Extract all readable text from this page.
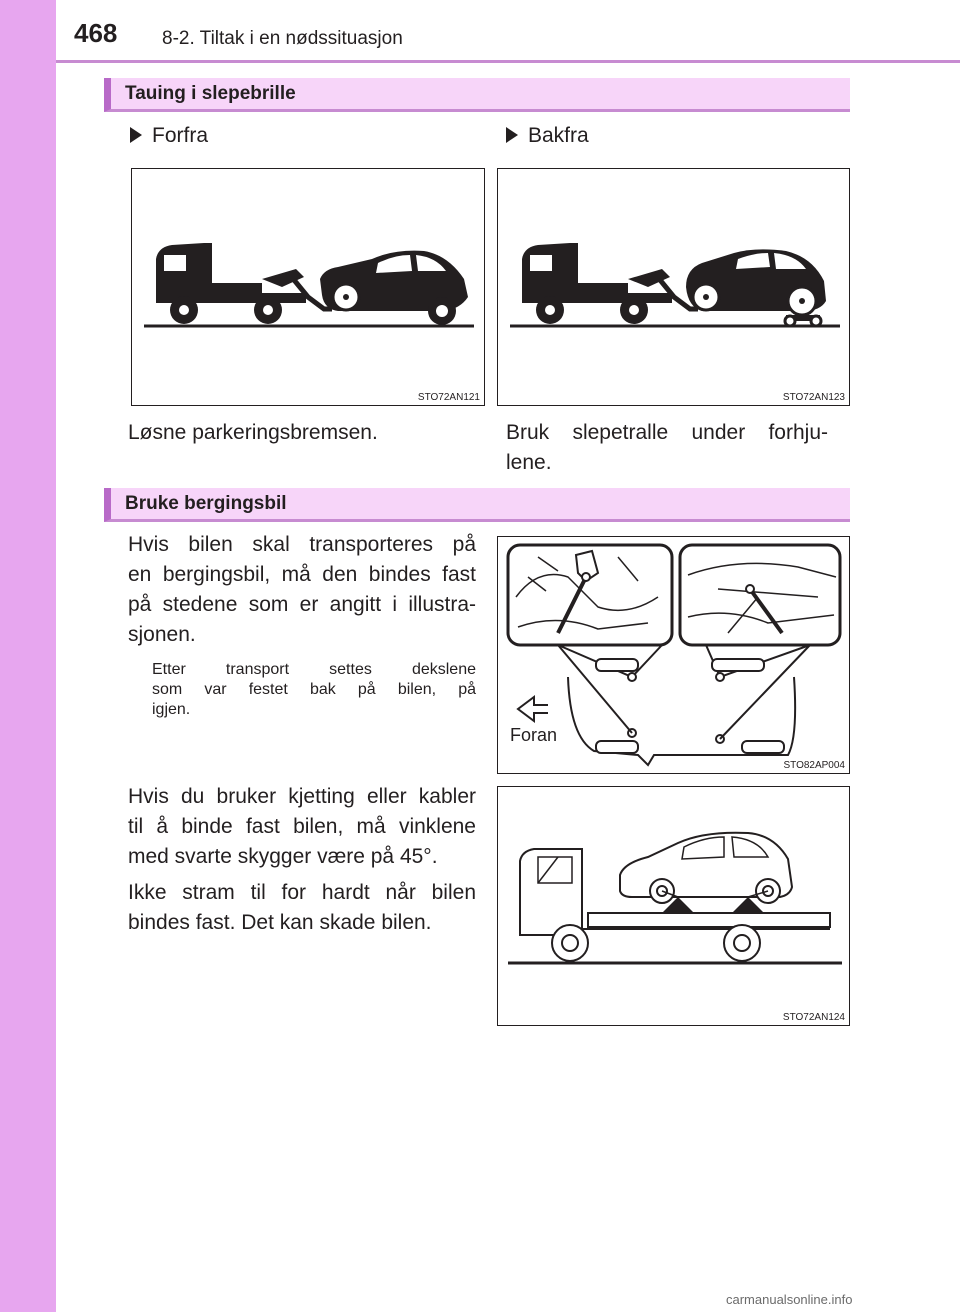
468 8-2. Tiltak i en nødssituasjon
Tauing i slepebrille
Forfra	Bakfra
STO72AN121	STO72AN123
Løsne parkeringsbremsen.	Bruk slepetralle under forhju-
lene.
Bruke bergingsbil
Hvis bilen skal transporteres på
en bergingsbil, må den bindes fast
på stedene som er angitt i illustra-
sjonen.
Etter transport settes dekslene
som var festet bak på bilen, på
igjen.
Foran
STO82AP004
Hvis du bruker kjetting eller kabler
til å binde fast bilen, må vinklene
med svarte skygger være på 45°.
Ikke stram til for hardt når bilen
bindes fast. Det kan skade bilen.
STO72AN124
carmanualsonline.info
